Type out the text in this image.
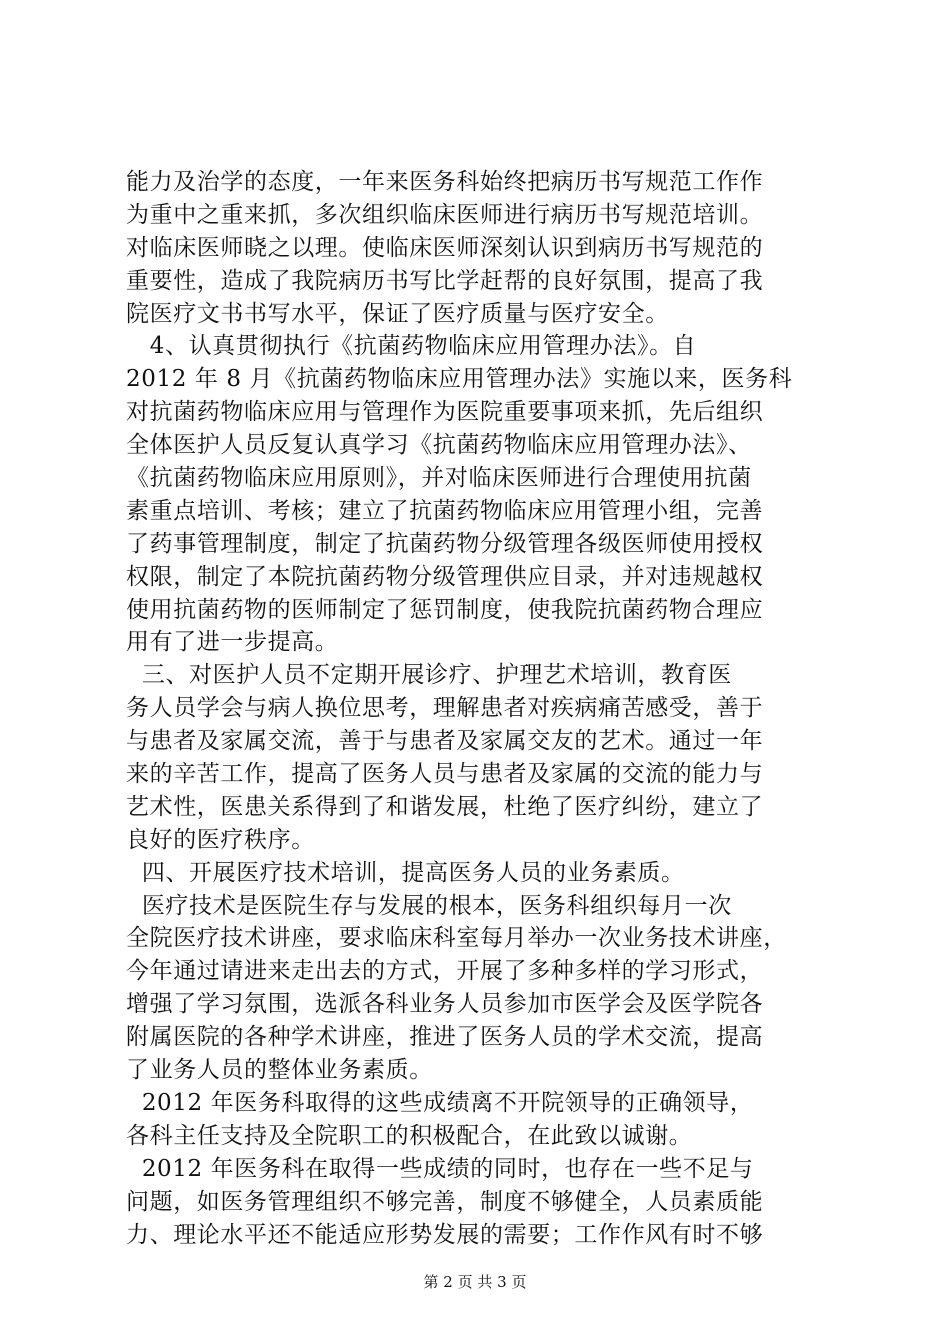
能力及治学的态度，一年来医务科始终把病历书写规范工作作
为重中之重来抓，多次组织临床医师进行病历书写规范培训。
对临床医师晓之以理。使临床医师深刻认识到病历书写规范的
重要性，造成了我院病历书写比学赶帮的良好氛围，提高了我
院医疗文书书写水平，保证了医疗质量与医疗安全。
4、认真贯彻执行《抗菌药物临床应用管理办法》。自
2012 年 8 月《抗菌药物临床应用管理办法》实施以来，医务科
对抗菌药物临床应用与管理作为医院重要事项来抓，先后组织
全体医护人员反复认真学习《抗菌药物临床应用管理办法》、
《抗菌药物临床应用原则》，并对临床医师进行合理使用抗菌
素重点培训、考核；建立了抗菌药物临床应用管理小组，完善
了药事管理制度，制定了抗菌药物分级管理各级医师使用授权
权限，制定了本院抗菌药物分级管理供应目录，并对违规越权
使用抗菌药物的医师制定了惩罚制度，使我院抗菌药物合理应
用有了进一步提高。
三、对医护人员不定期开展诊疗、护理艺术培训，教育医
务人员学会与病人换位思考，理解患者对疾病痛苦感受，善于
与患者及家属交流，善于与患者及家属交友的艺术。通过一年
来的辛苦工作，提高了医务人员与患者及家属的交流的能力与
艺术性，医患关系得到了和谐发展，杜绝了医疗纠纷，建立了
良好的医疗秩序。
四、开展医疗技术培训，提高医务人员的业务素质。
医疗技术是医院生存与发展的根本，医务科组织每月一次
全院医疗技术讲座，要求临床科室每月举办一次业务技术讲座，
今年通过请进来走出去的方式，开展了多种多样的学习形式，
增强了学习氛围，选派各科业务人员参加市医学会及医学院各
附属医院的各种学术讲座，推进了医务人员的学术交流，提高
了业务人员的整体业务素质。
2012 年医务科取得的这些成绩离不开院领导的正确领导，
各科主任支持及全院职工的积极配合，在此致以诚谢。
2012 年医务科在取得一些成绩的同时，也存在一些不足与
问题，如医务管理组织不够完善，制度不够健全，人员素质能
力、理论水平还不能适应形势发展的需要；工作作风有时不够
第 2 页 共 3 页
